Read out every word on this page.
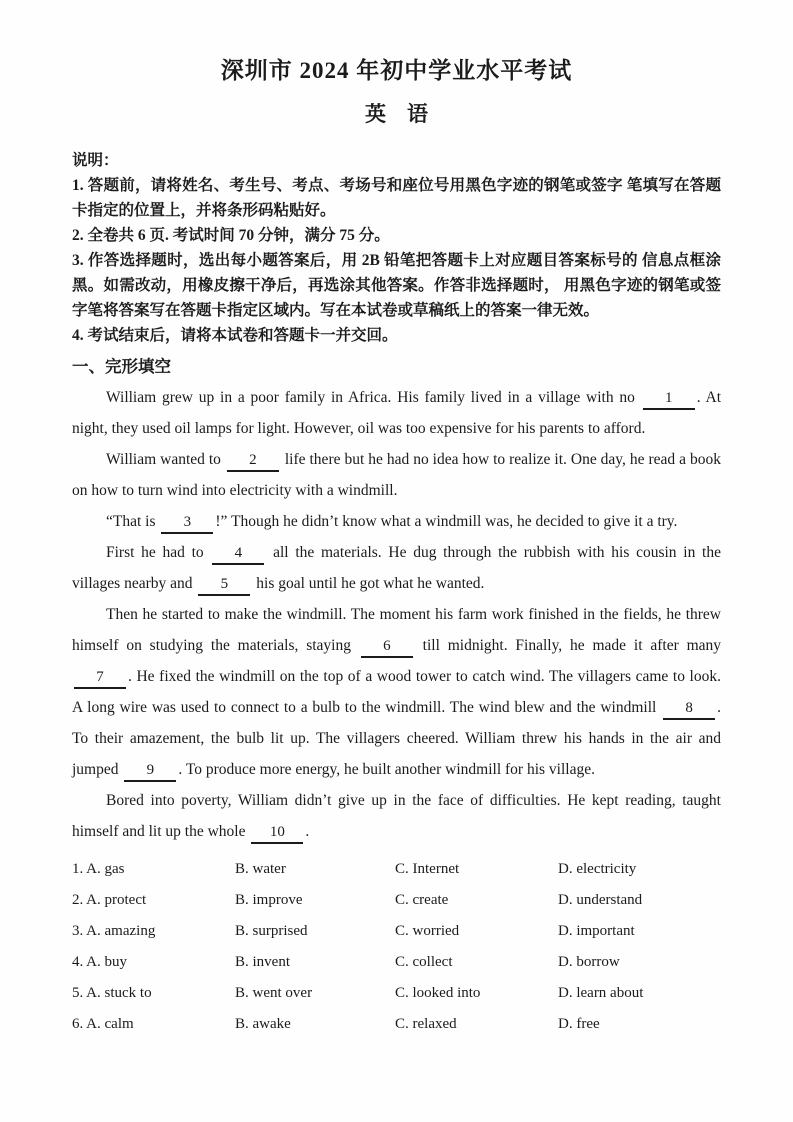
深圳市 2024 年初中学业水平考试
英　语
说明：

1. 答题前，请将姓名、考生号、考点、考场号和座位号用黑色字迹的钢笔或签字 笔填写在答题卡指定的位置上，并将条形码粘贴好。

2. 全卷共 6 页. 考试时间 70 分钟，满分 75 分。

3. 作答选择题时，选出每小题答案后，用 2B 铅笔把答题卡上对应题目答案标号的 信息点框涂黑。如需改动，用橡皮擦干净后，再选涂其他答案。作答非选择题时， 用黑色字迹的钢笔或签字笔将答案写在答题卡指定区域内。写在本试卷或草稿纸上的答案一律无效。

4. 考试结束后，请将本试卷和答题卡一并交回。

一、完形填空

William grew up in a poor family in Africa. His family lived in a village with no 1 . At night, they used oil lamps for light. However, oil was too expensive for his parents to afford.

William wanted to 2 life there but he had no idea how to realize it. One day, he read a book on how to turn wind into electricity with a windmill.

“That is 3 !” Though he didn’t know what a windmill was, he decided to give it a try.

First he had to 4 all the materials. He dug through the rubbish with his cousin in the villages nearby and 5 his goal until he got what he wanted.

Then he started to make the windmill. The moment his farm work finished in the fields, he threw himself on studying the materials, staying 6 till midnight. Finally, he made it after many 7 . He fixed the windmill on the top of a wood tower to catch wind. The villagers came to look. A long wire was used to connect to a bulb to the windmill. The wind blew and the windmill 8 . To their amazement, the bulb lit up. The villagers cheered. William threw his hands in the air and jumped 9 . To produce more energy, he built another windmill for his village.

Bored into poverty, William didn’t give up in the face of difficulties. He kept reading, taught himself and lit up the whole 10 .

1. A. gas	B. water	C. Internet	D. electricity
2. A. protect	B. improve	C. create	D. understand
3. A. amazing	B. surprised	C. worried	D. important
4. A. buy	B. invent	C. collect	D. borrow
5. A. stuck to	B. went over	C. looked into	D. learn about
6. A. calm	B. awake	C. relaxed	D. free
